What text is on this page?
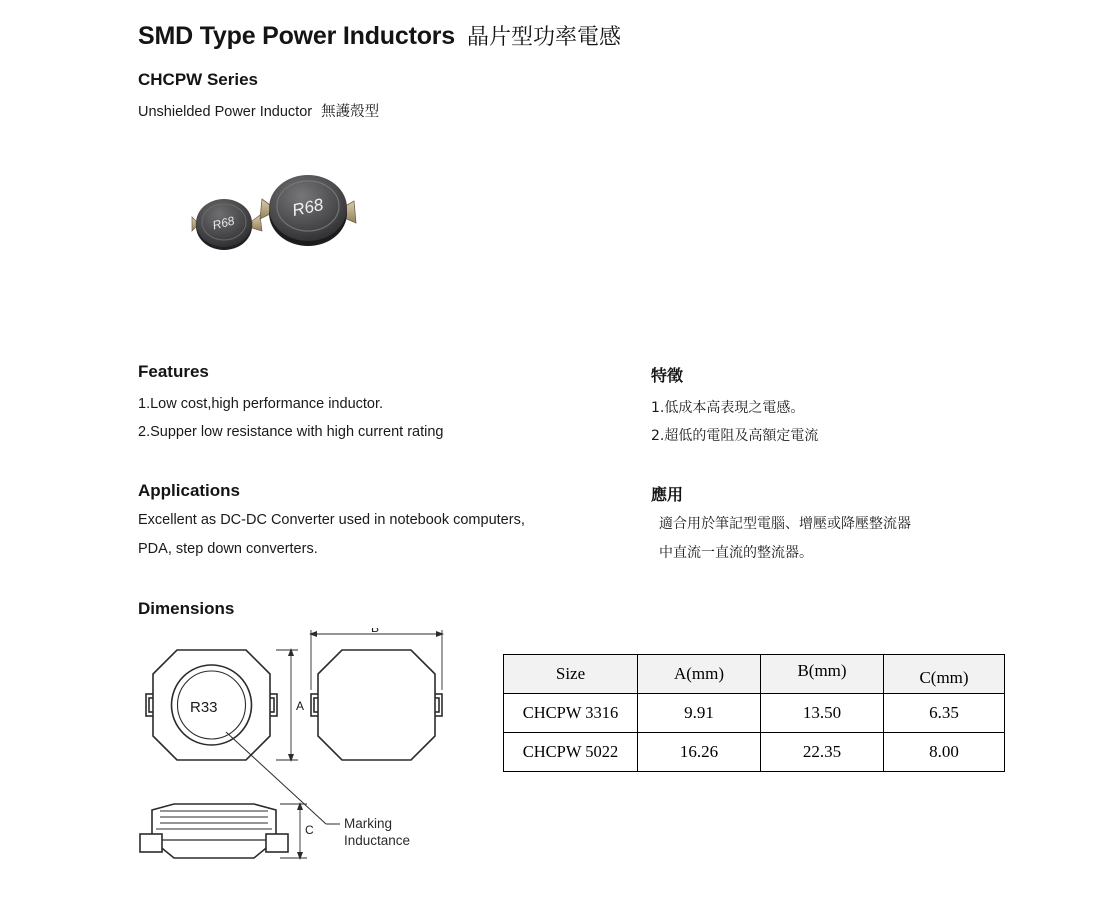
SMD Type Power Inductors 晶片型功率電感
CHCPW Series
Unshielded Power Inductor 無護殼型
R68
R68
Features	特徵
1.Low cost,high performance inductor.
2.Supper low resistance with high current rating
1.低成本高表現之電感。
2.超低的電阻及高額定電流
Applications	應用
Excellent as DC-DC Converter used in notebook computers,
PDA, step down converters.
適合用於筆記型電腦、增壓或降壓整流器
中直流一直流的整流器。
Dimensions
R33	A
B
C Marking
Inductance
Size	A(mm)	B(mm)	C(mm)
CHCPW 3316	9.91	13.50	6.35
CHCPW 5022	16.26	22.35	8.00
